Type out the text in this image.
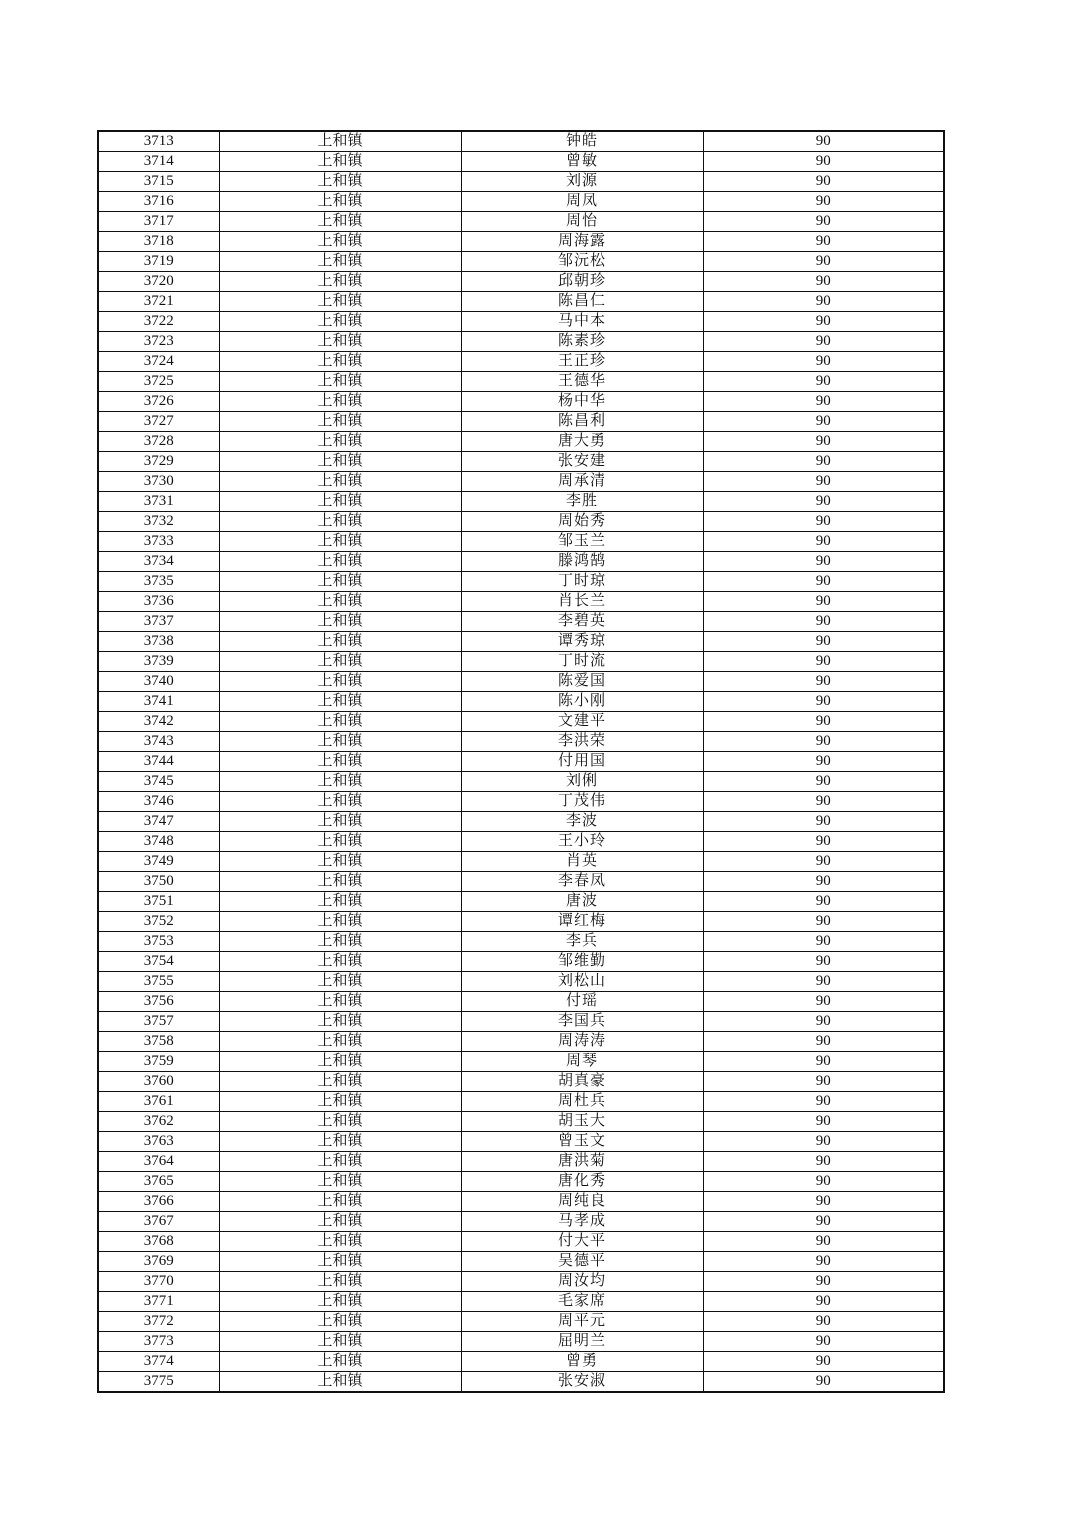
3713	上和镇	钟皓	90
3714	上和镇	曾敏	90
3715	上和镇	刘源	90
3716	上和镇	周凤	90
3717	上和镇	周怡	90
3718	上和镇	周海露	90
3719	上和镇	邹沅松	90
3720	上和镇	邱朝珍	90
3721	上和镇	陈昌仁	90
3722	上和镇	马中本	90
3723	上和镇	陈素珍	90
3724	上和镇	王正珍	90
3725	上和镇	王德华	90
3726	上和镇	杨中华	90
3727	上和镇	陈昌利	90
3728	上和镇	唐大勇	90
3729	上和镇	张安建	90
3730	上和镇	周承清	90
3731	上和镇	李胜	90
3732	上和镇	周始秀	90
3733	上和镇	邹玉兰	90
3734	上和镇	滕鸿鹄	90
3735	上和镇	丁时琼	90
3736	上和镇	肖长兰	90
3737	上和镇	李碧英	90
3738	上和镇	谭秀琼	90
3739	上和镇	丁时流	90
3740	上和镇	陈爱国	90
3741	上和镇	陈小刚	90
3742	上和镇	文建平	90
3743	上和镇	李洪荣	90
3744	上和镇	付用国	90
3745	上和镇	刘俐	90
3746	上和镇	丁茂伟	90
3747	上和镇	李波	90
3748	上和镇	王小玲	90
3749	上和镇	肖英	90
3750	上和镇	李春凤	90
3751	上和镇	唐波	90
3752	上和镇	谭红梅	90
3753	上和镇	李兵	90
3754	上和镇	邹维勤	90
3755	上和镇	刘松山	90
3756	上和镇	付瑶	90
3757	上和镇	李国兵	90
3758	上和镇	周涛涛	90
3759	上和镇	周琴	90
3760	上和镇	胡真豪	90
3761	上和镇	周杜兵	90
3762	上和镇	胡玉大	90
3763	上和镇	曾玉文	90
3764	上和镇	唐洪菊	90
3765	上和镇	唐化秀	90
3766	上和镇	周纯良	90
3767	上和镇	马孝成	90
3768	上和镇	付大平	90
3769	上和镇	吴德平	90
3770	上和镇	周汝均	90
3771	上和镇	毛家席	90
3772	上和镇	周平元	90
3773	上和镇	屈明兰	90
3774	上和镇	曾勇	90
3775	上和镇	张安淑	90
